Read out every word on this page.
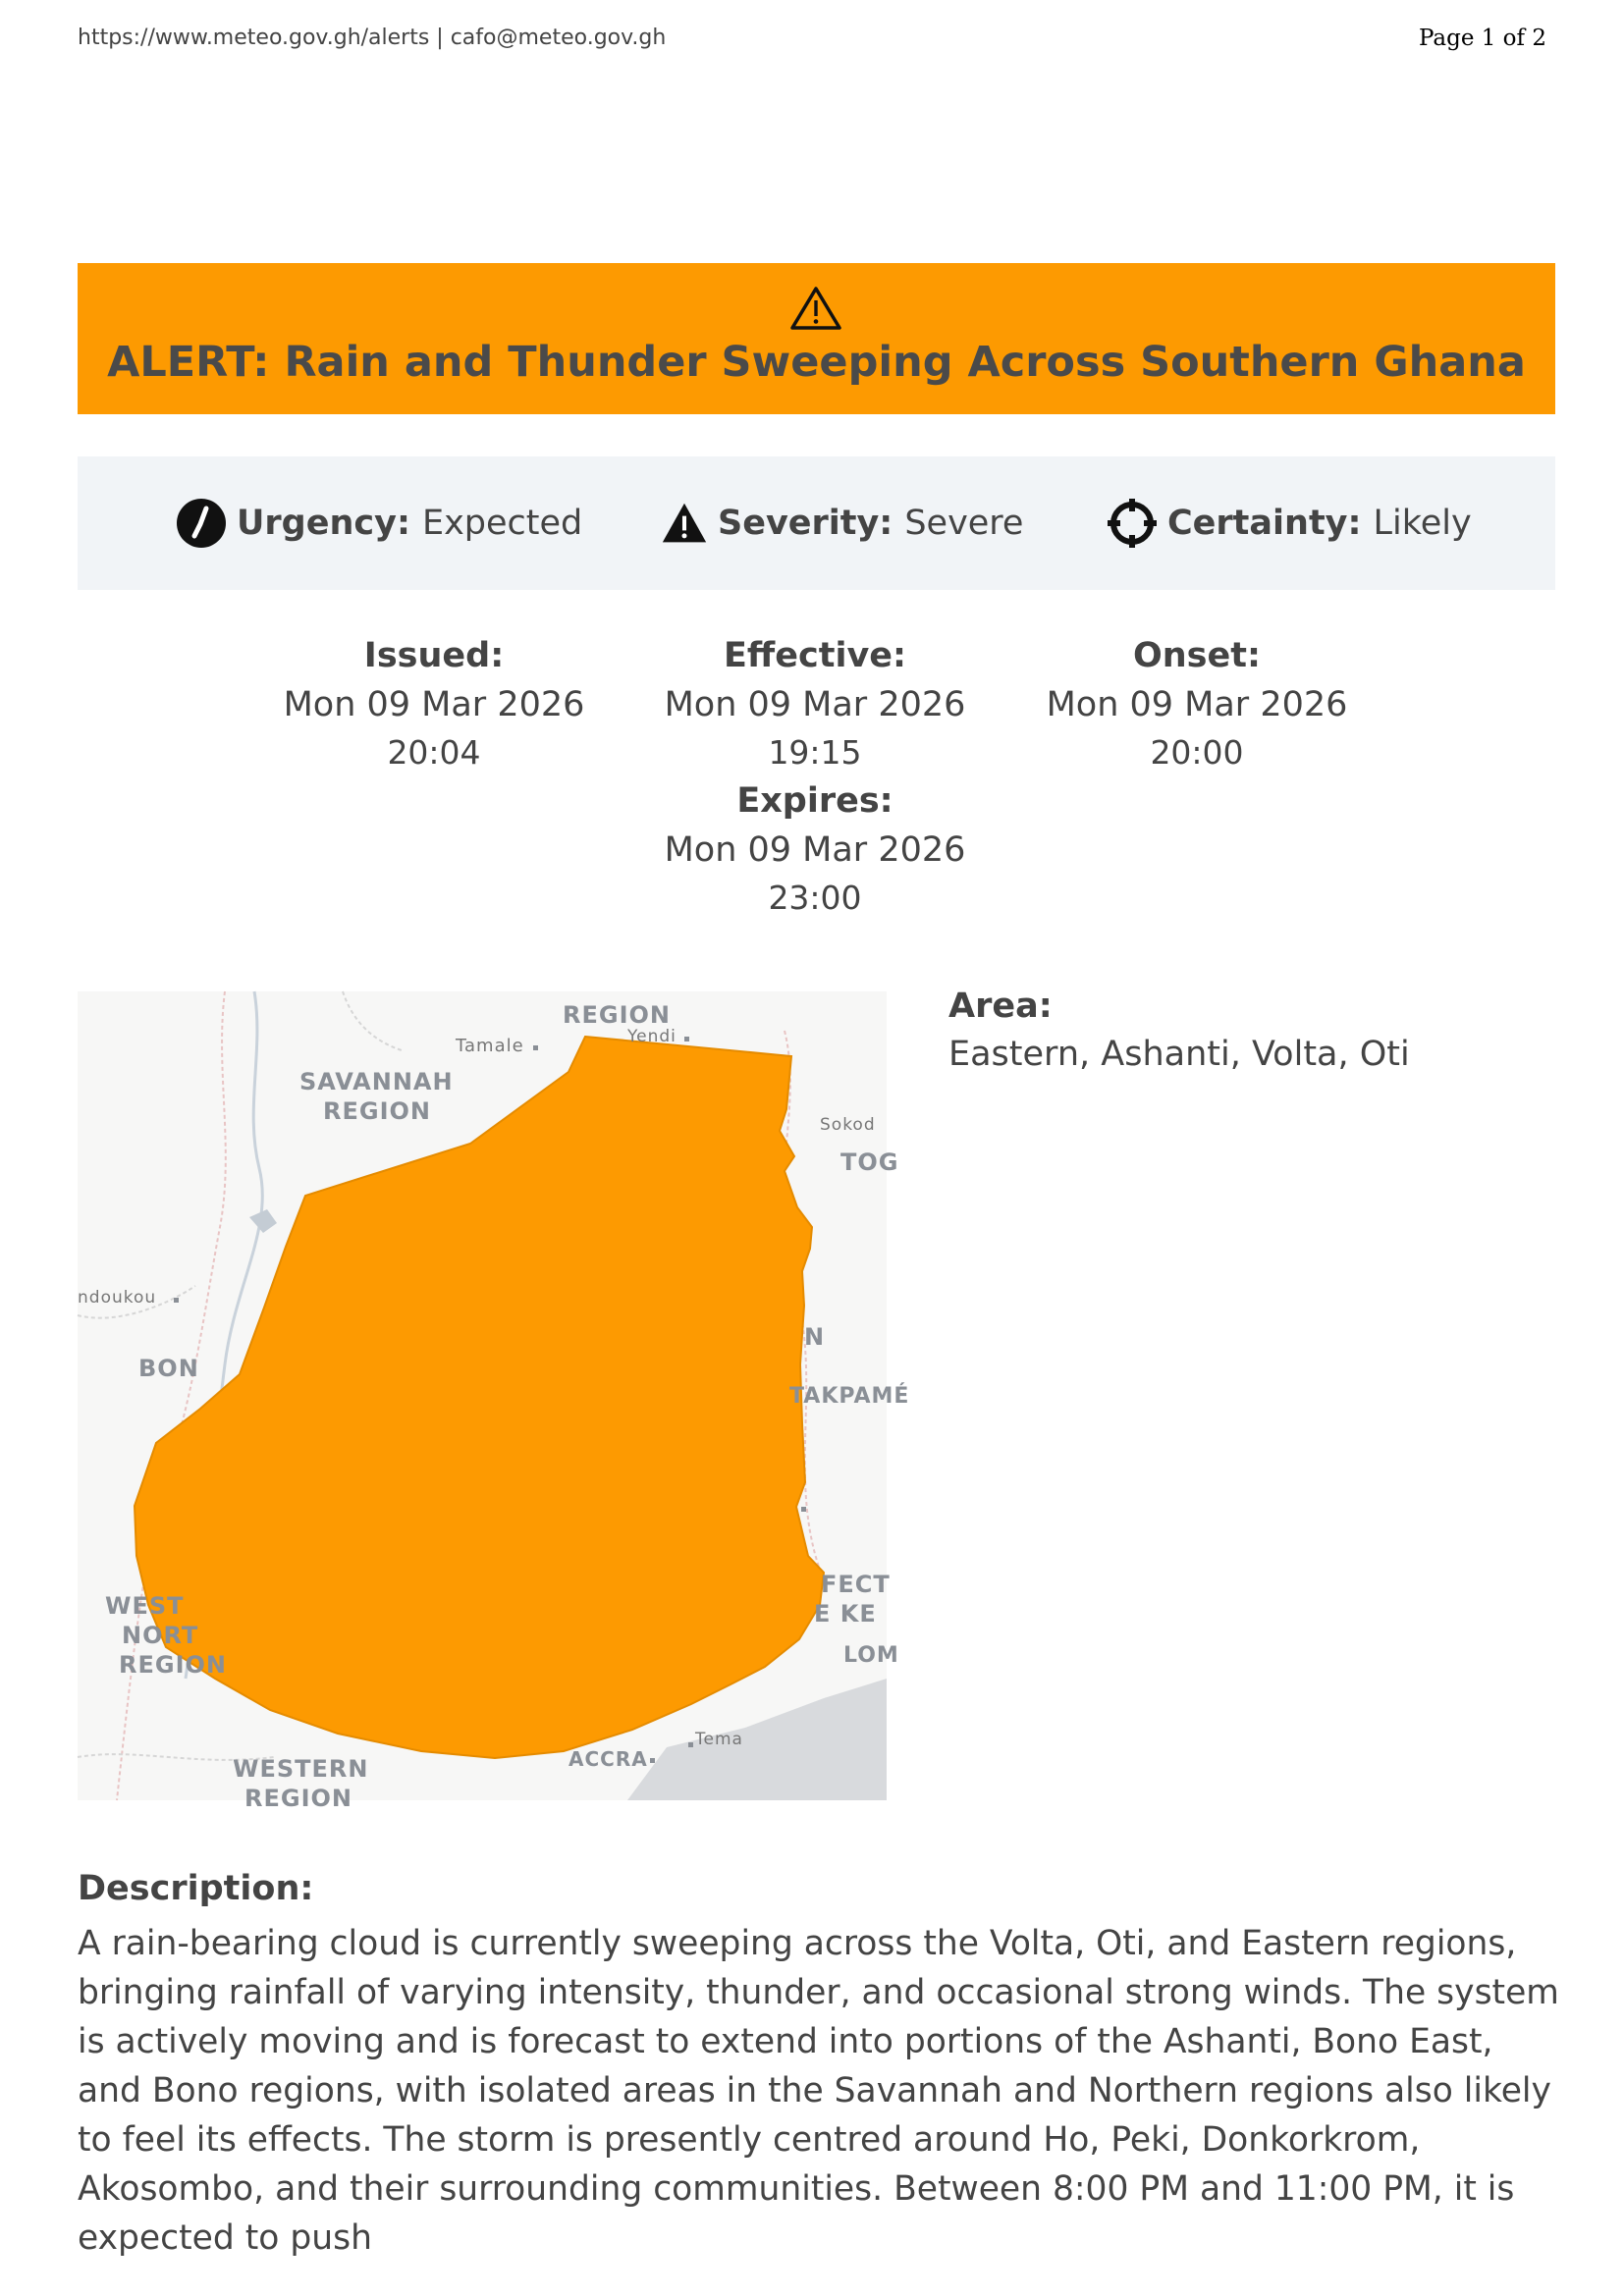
https://www.meteo.gov.gh/alerts | cafo@meteo.gov.gh	Page 1 of 2
ALERT: Rain and Thunder Sweeping Across Southern Ghana
Urgency: Expected	Severity: Severe	Certainty: Likely
Issued:
Mon 09 Mar 2026
20:04
Effective:
Mon 09 Mar 2026
19:15
Onset:
Mon 09 Mar 2026
20:00
Expires:
Mon 09 Mar 2026
23:00
REGION
Tamale	Yendi
SAVANNAH
REGION	Sokod
TOG
ndoukou
BON
N
TAKPAMÉ
WEST
NORT
REGION
FECT
E KE
LOM
ACCRA
Tema
WESTERN
REGION
Area:
Eastern, Ashanti, Volta, Oti
Description:
A rain-bearing cloud is currently sweeping across the Volta, Oti, and Eastern regions, bringing rainfall of varying intensity, thunder, and occasional strong winds. The system is actively moving and is forecast to extend into portions of the Ashanti, Bono East, and Bono regions, with isolated areas in the Savannah and Northern regions also likely to feel its effects. The storm is presently centred around Ho, Peki, Donkorkrom, Akosombo, and their surrounding communities. Between 8:00 PM and 11:00 PM, it is expected to push
